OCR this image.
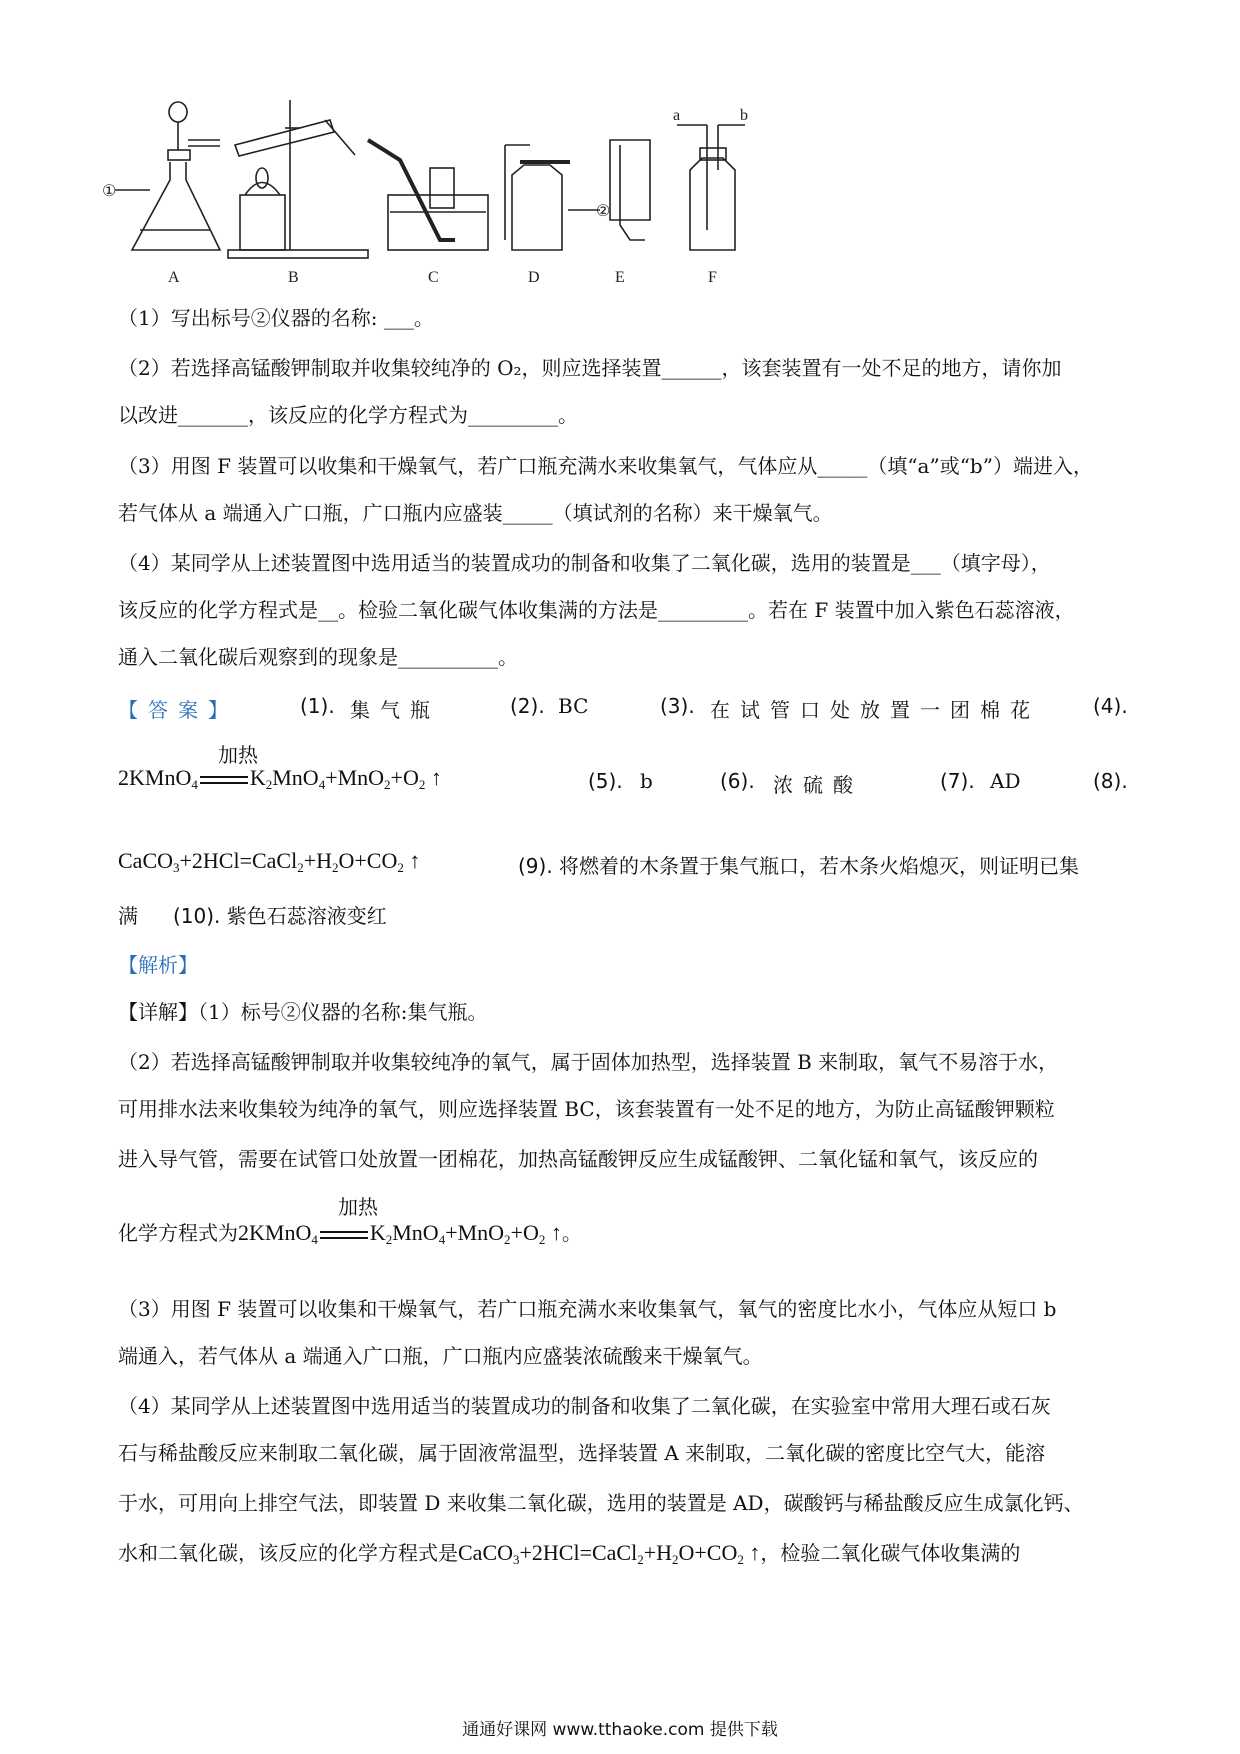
A	B	C	D	E	F
①
②
a	b
（1）写出标号②仪器的名称: ___。
（2）若选择高锰酸钾制取并收集较纯净的 O₂，则应选择装置______，该套装置有一处不足的地方，请你加
以改进_______，该反应的化学方程式为_________。
（3）用图 F 装置可以收集和干燥氧气，若广口瓶充满水来收集氧气，气体应从_____（填“a”或“b”）端进入，
若气体从 a 端通入广口瓶，广口瓶内应盛装_____（填试剂的名称）来干燥氧气。
（4）某同学从上述装置图中选用适当的装置成功的制备和收集了二氧化碳，选用的装置是___（填字母），
该反应的化学方程式是__。检验二氧化碳气体收集满的方法是_________。若在 F 装置中加入紫色石蕊溶液，
通入二氧化碳后观察到的现象是__________。
【答案】	(1). 集气瓶	(2). BC	(3). 在试管口处放置一团棉花	(4).
加热
2KMnO$_4$ $K_2MnO_4+MnO_2+O_2$ ↑	(5). b	(6). 浓硫酸	(7). AD	(8).
$CaCO_3+2HCl=CaCl_2+H_2O+CO_2$ ↑	(9). 将燃着的木条置于集气瓶口，若木条火焰熄灭，则证明已集
满 (10). 紫色石蕊溶液变红
【解析】
【详解】（1）标号②仪器的名称:集气瓶。
（2）若选择高锰酸钾制取并收集较纯净的氧气，属于固体加热型，选择装置 B 来制取，氧气不易溶于水，
可用排水法来收集较为纯净的氧气，则应选择装置 BC，该套装置有一处不足的地方，为防止高锰酸钾颗粒
进入导气管，需要在试管口处放置一团棉花，加热高锰酸钾反应生成锰酸钾、二氧化锰和氧气，该反应的
化学方程式为
加热
2KMnO$_4$ $K_2MnO_4+MnO_2+O_2$ ↑。
（3）用图 F 装置可以收集和干燥氧气，若广口瓶充满水来收集氧气，氧气的密度比水小，气体应从短口 b
端通入，若气体从 a 端通入广口瓶，广口瓶内应盛装浓硫酸来干燥氧气。
（4）某同学从上述装置图中选用适当的装置成功的制备和收集了二氧化碳，在实验室中常用大理石或石灰
石与稀盐酸反应来制取二氧化碳，属于固液常温型，选择装置 A 来制取，二氧化碳的密度比空气大，能溶
于水，可用向上排空气法，即装置 D 来收集二氧化碳，选用的装置是 AD，碳酸钙与稀盐酸反应生成氯化钙、
水和二氧化碳，该反应的化学方程式是$CaCO_3+2HCl=CaCl_2+H_2O+CO_2$ ↑，检验二氧化碳气体收集满的
通通好课网 www.tthaoke.com 提供下载
